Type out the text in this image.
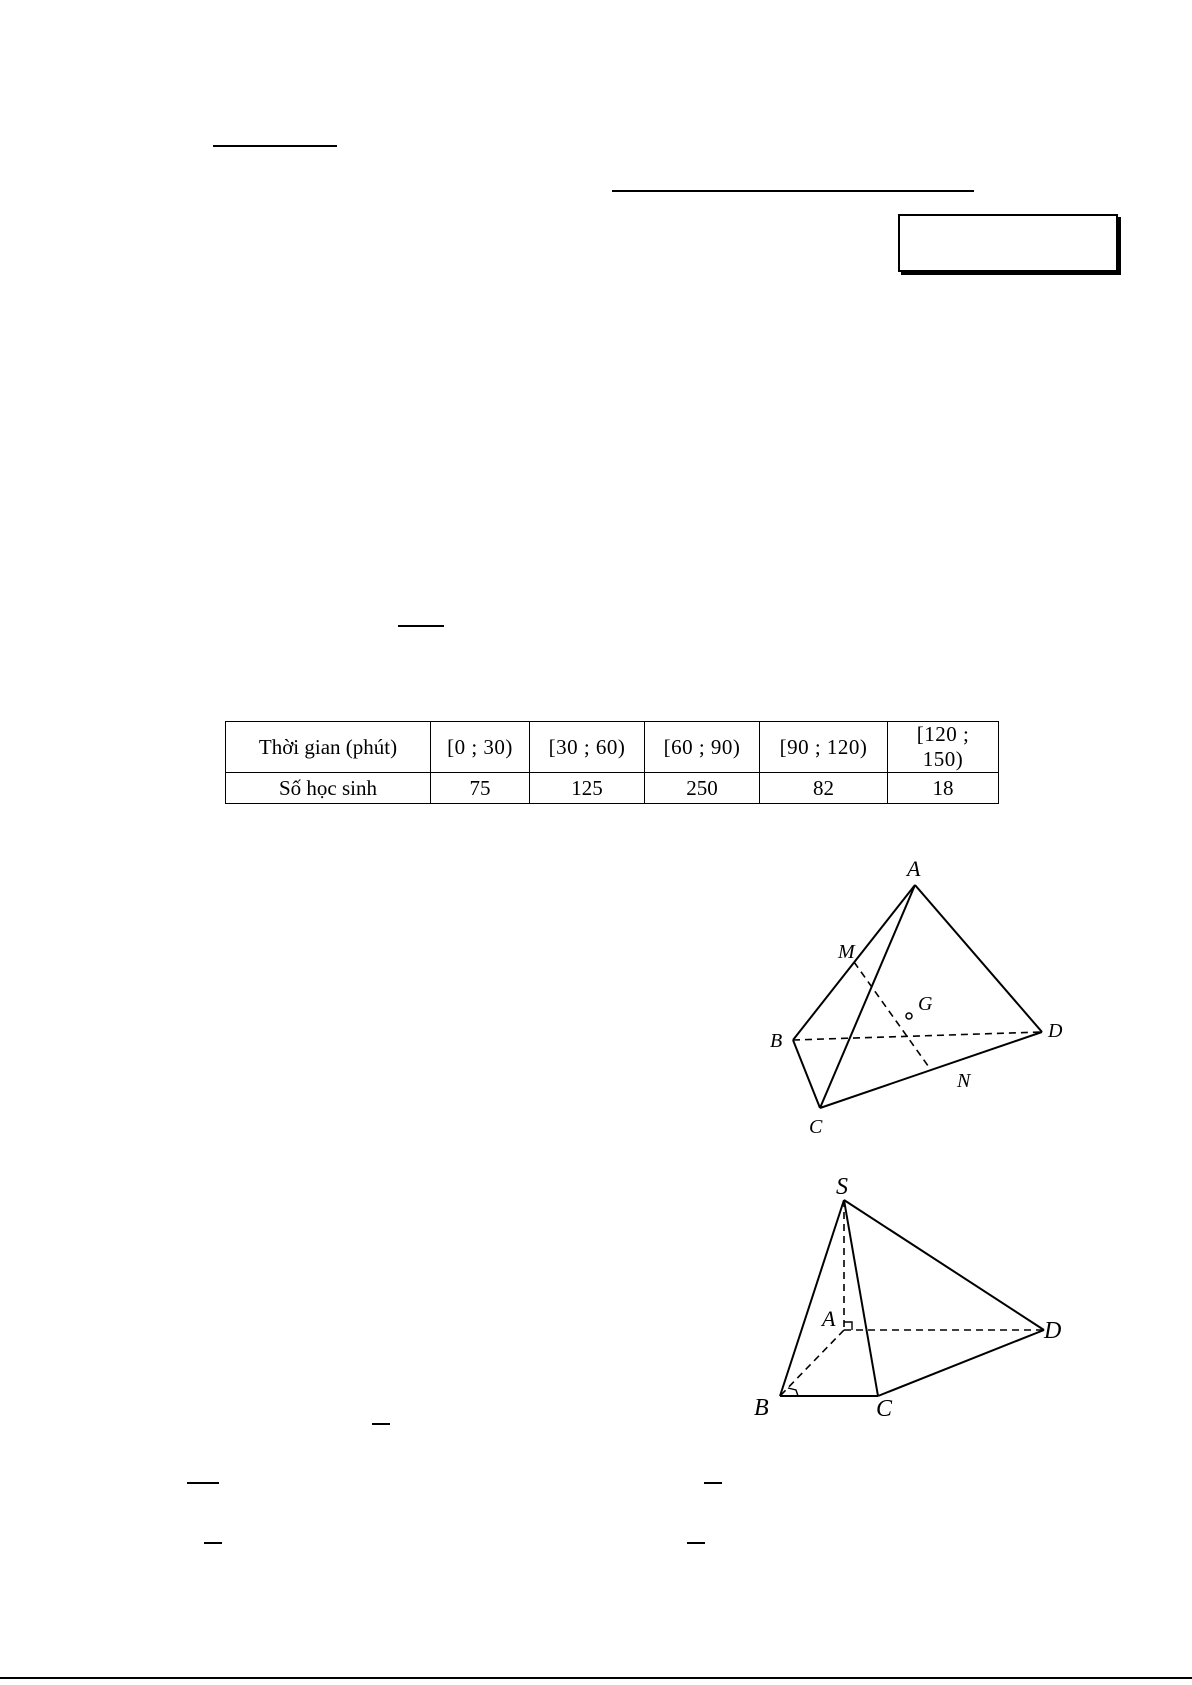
Thời gian (phút)	[0 ; 30)	[30 ; 60)	[60 ; 90)	[90 ; 120)	[120 ; 150)
Số học sinh	75	125	250	82	18
A
M
G
B	D
N
C
S
A	D
B	C
